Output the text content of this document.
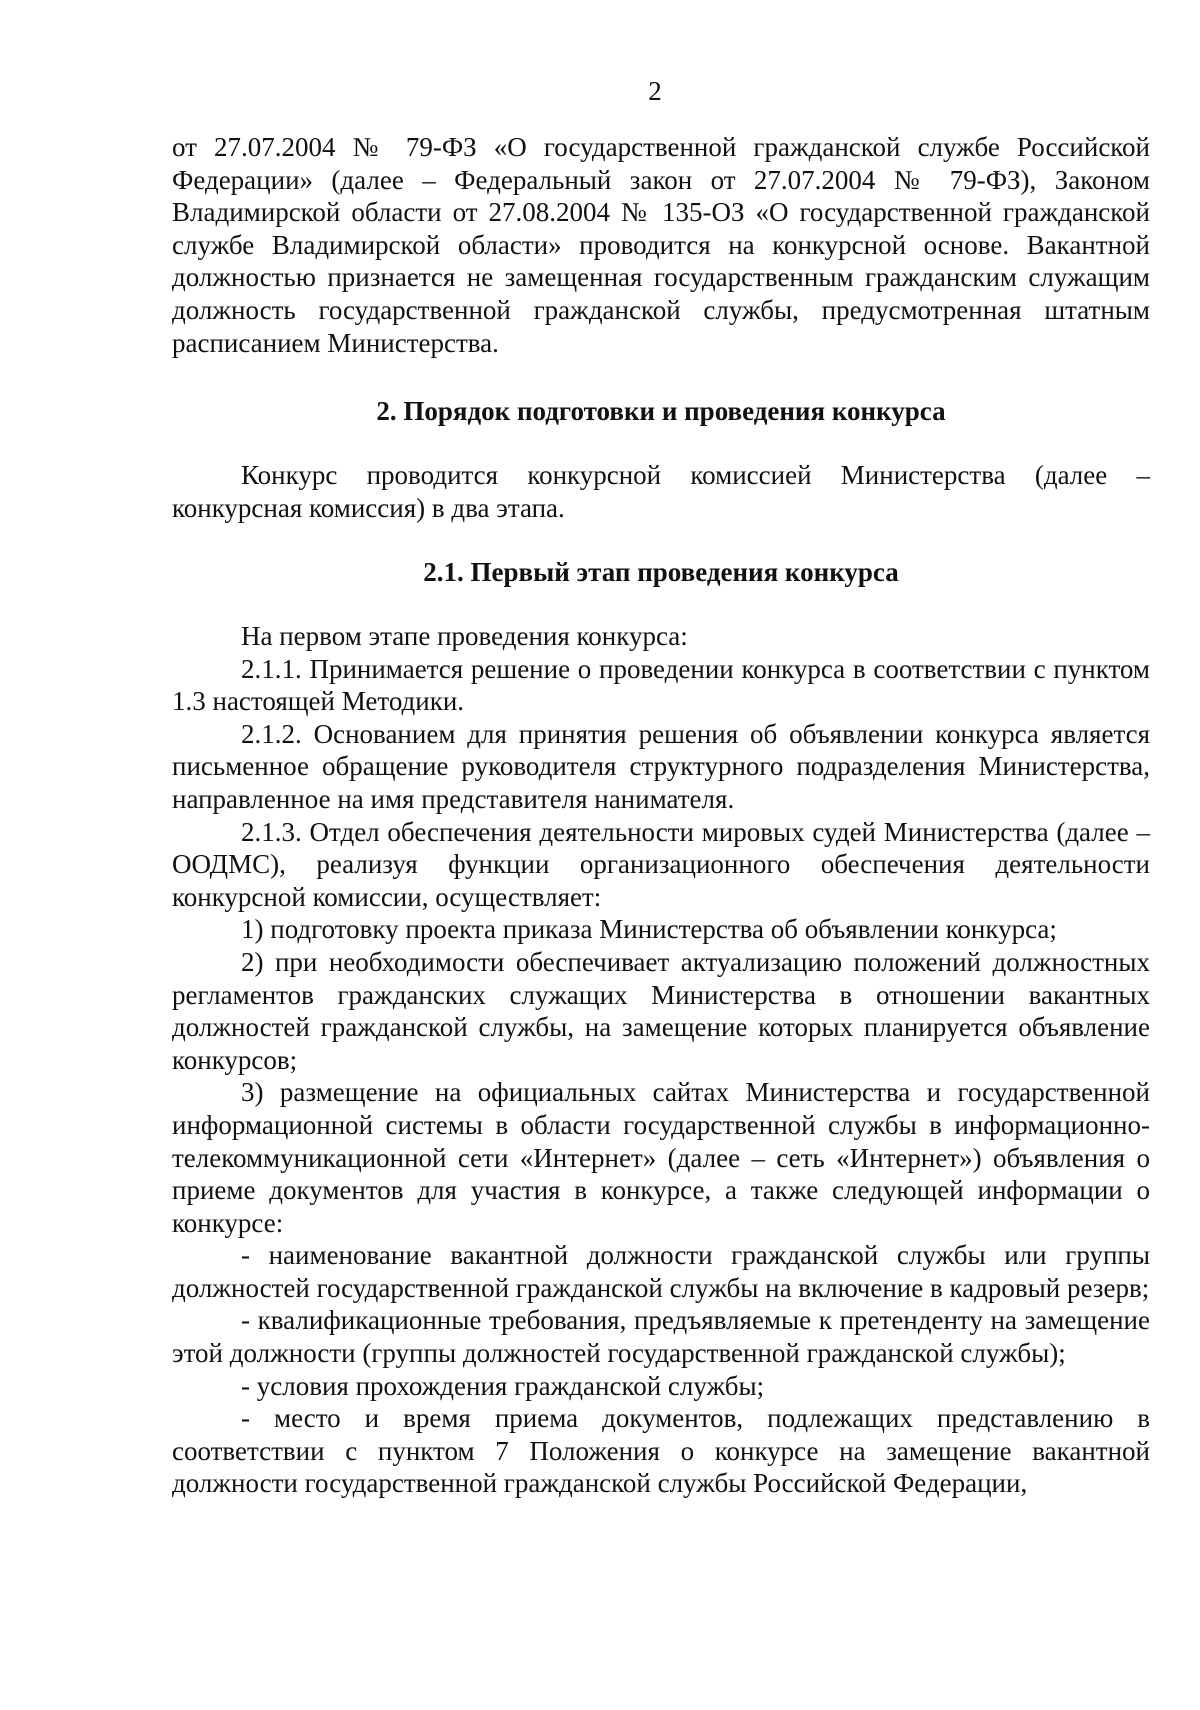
2

от 27.07.2004 № 79-ФЗ «О государственной гражданской службе Российской Федерации» (далее – Федеральный закон от 27.07.2004 № 79-ФЗ), Законом Владимирской области от 27.08.2004 № 135-ОЗ «О государственной гражданской службе Владимирской области» проводится на конкурсной основе. Вакантной должностью признается не замещенная государственным гражданским служащим должность государственной гражданской службы, предусмотренная штатным расписанием Министерства.

2. Порядок подготовки и проведения конкурса

Конкурс проводится конкурсной комиссией Министерства (далее – конкурсная комиссия) в два этапа.

2.1. Первый этап проведения конкурса

На первом этапе проведения конкурса:

2.1.1. Принимается решение о проведении конкурса в соответствии с пунктом 1.3 настоящей Методики.

2.1.2. Основанием для принятия решения об объявлении конкурса является письменное обращение руководителя структурного подразделения Министерства, направленное на имя представителя нанимателя.

2.1.3. Отдел обеспечения деятельности мировых судей Министерства (далее – ООДМС), реализуя функции организационного обеспечения деятельности конкурсной комиссии, осуществляет:

1) подготовку проекта приказа Министерства об объявлении конкурса;

2) при необходимости обеспечивает актуализацию положений должностных регламентов гражданских служащих Министерства в отношении вакантных должностей гражданской службы, на замещение которых планируется объявление конкурсов;

3) размещение на официальных сайтах Министерства и государственной информационной системы в области государственной службы в информационно-телекоммуникационной сети «Интернет» (далее – сеть «Интернет») объявления о приеме документов для участия в конкурсе, а также следующей информации о конкурсе:

- наименование вакантной должности гражданской службы или группы должностей государственной гражданской службы на включение в кадровый резерв;

- квалификационные требования, предъявляемые к претенденту на замещение этой должности (группы должностей государственной гражданской службы);

- условия прохождения гражданской службы;

- место и время приема документов, подлежащих представлению в соответствии с пунктом 7 Положения о конкурсе на замещение вакантной должности государственной гражданской службы Российской Федерации,
